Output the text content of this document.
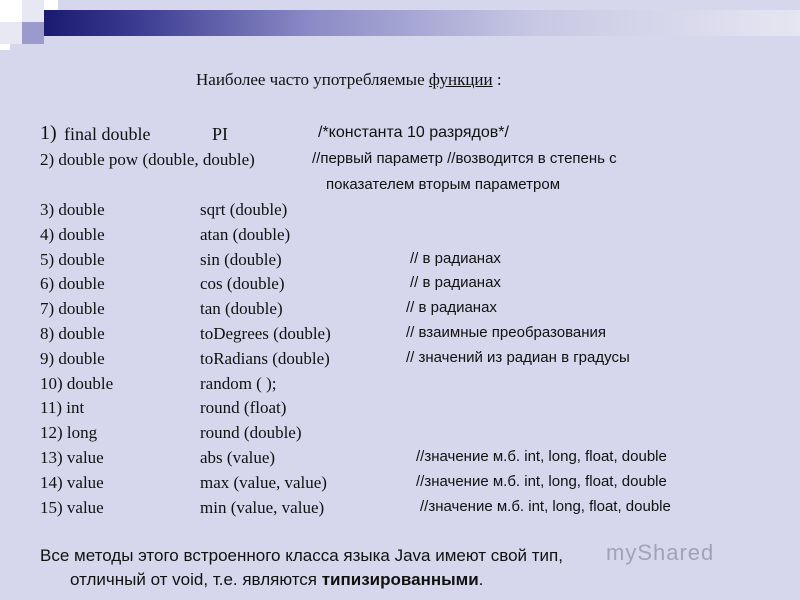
Наиболее часто употребляемые функции :
1) final double	PI	/*константа 10 разрядов*/
2) double pow (double, double)	//первый параметр //возводится в степень с
показателем вторым параметром
3) double	sqrt (double)
4) double	atan (double)
5) double	sin (double)	// в радианах
6) double	cos (double)	// в радианах
7) double	tan (double)	// в радианах
8) double	toDegrees (double)	// взаимные преобразования
9) double	toRadians (double)	// значений из радиан в градусы
10) double	random ( );
11) int	round (float)
12) long	round (double)
13) value	abs (value)	//значение м.б. int, long, float, double
14) value	max (value, value)	//значение м.б. int, long, float, double
15) value	min (value, value)	//значение м.б. int, long, float, double
Все методы этого встроенного класса языка Java имеют свой тип,
отличный от void, т.е. являются типизированными.
myShared
